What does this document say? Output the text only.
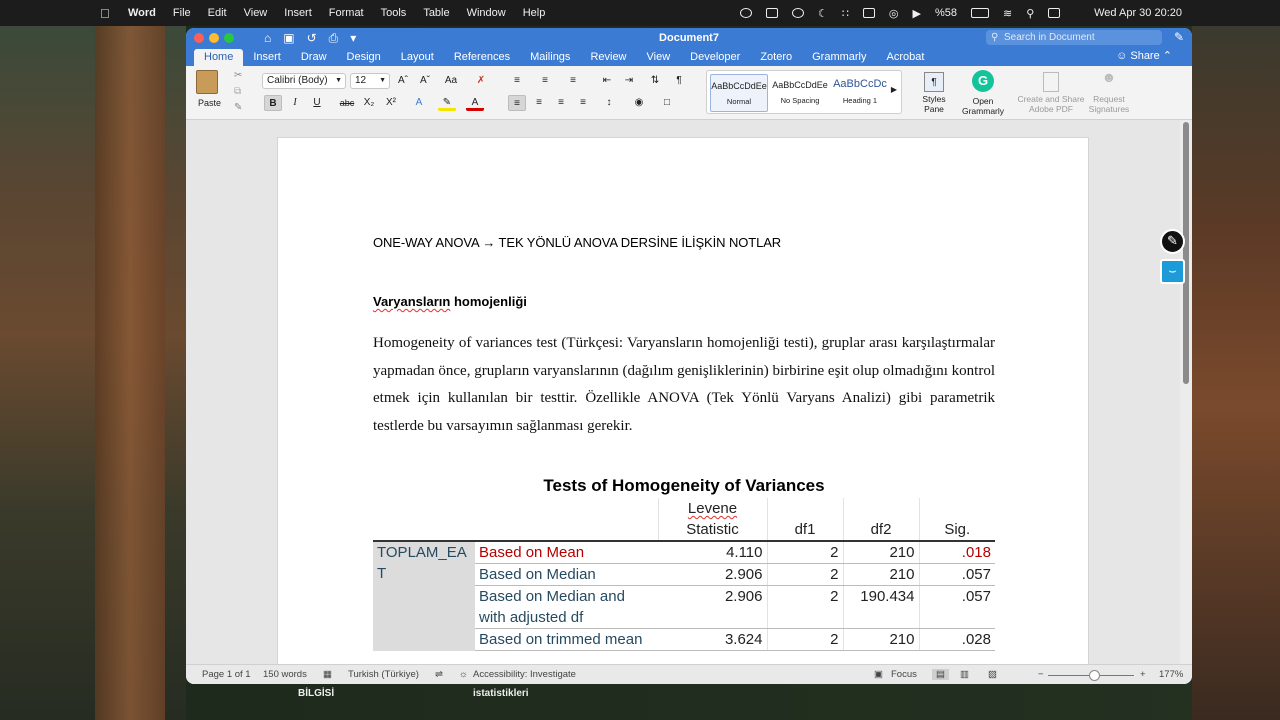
BİLGİSİ	istatistikleri
Word File Edit View Insert Format Tools Table Window Help	☾ ∷	◎ ▶ %58	≋ ⚲	Wed Apr 30 20:20
⌂ ▣ ↺ ⎙ ▾	Document7	⚲ Search in Document	✎
Home	Insert	Draw	Design	Layout	References	Mailings	Review	View	Developer	Zotero	Grammarly	Acrobat	☺ Share ⌃
Paste
✂
⧉
✎
Calibri (Body) ▼	12 ▼	Aˆ	Aˇ	Aa	✗
B	I	U	abc X₂	X²	A	✎	A
≡	≡	≡	⇤	⇥	⇅	¶
≡	≡	≡	≡	↕	◉	□
AaBbCcDdEe
Normal
AaBbCcDdEe
No Spacing
AaBbCcDc
Heading 1
▶
¶
Styles Pane
G
Open Grammarly
Create and Share Adobe PDF
☻
Request Signatures
ONE-WAY ANOVA → TEK YÖNLÜ ANOVA DERSİNE İLİŞKİN NOTLAR
Varyansların homojenliği
Homogeneity of variances test (Türkçesi: Varyansların homojenliği testi), gruplar arası karşılaştırmalar yapmadan önce, grupların varyanslarının (dağılım genişliklerinin) birbirine eşit olup olmadığını kontrol etmek için kullanılan bir testtir. Özellikle ANOVA (Tek Yönlü Varyans Analizi) gibi parametrik testlerde bu varsayımın sağlanması gerekir.
Tests of Homogeneity of Variances

		Levene
Statistic	df1	df2	Sig.
TOPLAM_EAT	Based on Mean	4.110	2	210	.018
	Based on Median	2.906	2	210	.057
	Based on Median and with adjusted df	2.906	2	190.434	.057
	Based on trimmed mean	3.624	2	210	.028
Page 1 of 1 150 words ▦ Turkish (Türkiye) ⇌ ☼ Accessibility: Investigate	▣ Focus	▤	▥ ▧	−	+ 177%
✎
⌣
